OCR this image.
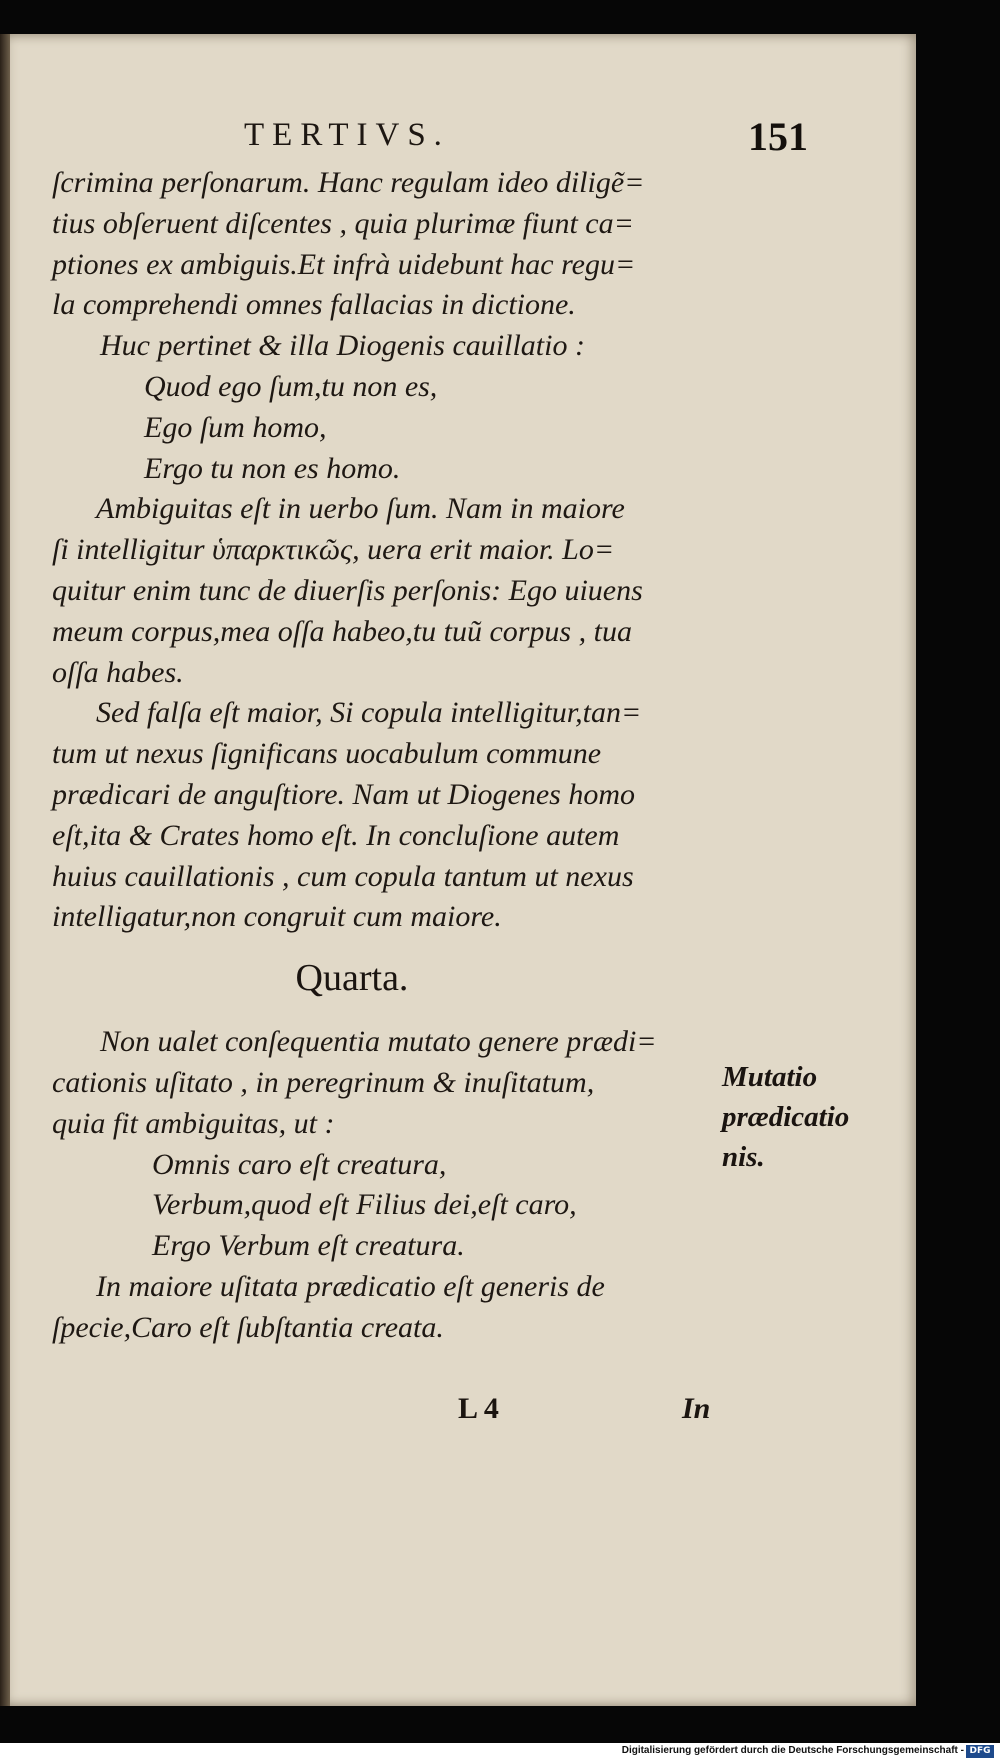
TERTIVS.	151
ſcrimina perſonarum. Hanc regulam ideo diligẽ=
tius obſeruent diſcentes , quia plurimæ fiunt ca=
ptiones ex ambiguis.Et infrà uidebunt hac regu=
la comprehendi omnes fallacias in dictione.
Huc pertinet & illa Diogenis cauillatio :
Quod ego ſum,tu non es,
Ego ſum homo,
Ergo tu non es homo.
Ambiguitas eſt in uerbo ſum. Nam in maiore
ſi intelligitur ὑπαρκτικῶς, uera erit maior. Lo=
quitur enim tunc de diuerſis perſonis: Ego uiuens
meum corpus,mea oſſa habeo,tu tuũ corpus , tua
oſſa habes.
Sed falſa eſt maior, Si copula intelligitur,tan=
tum ut nexus ſignificans uocabulum commune
prædicari de anguſtiore. Nam ut Diogenes homo
eſt,ita & Crates homo eſt. In concluſione autem
huius cauillationis , cum copula tantum ut nexus
intelligatur,non congruit cum maiore.
Quarta.
Non ualet conſequentia mutato genere prædi=
cationis uſitato , in peregrinum & inuſitatum,
quia fit ambiguitas, ut :
Omnis caro eſt creatura,
Verbum,quod eſt Filius dei,eſt caro,
Ergo Verbum eſt creatura.
In maiore uſitata prædicatio eſt generis de
ſpecie,Caro eſt ſubſtantia creata.
Mutatio
prædicatio
nis.
L 4	In
Digitalisierung gefördert durch die Deutsche Forschungsgemeinschaft - DFG
